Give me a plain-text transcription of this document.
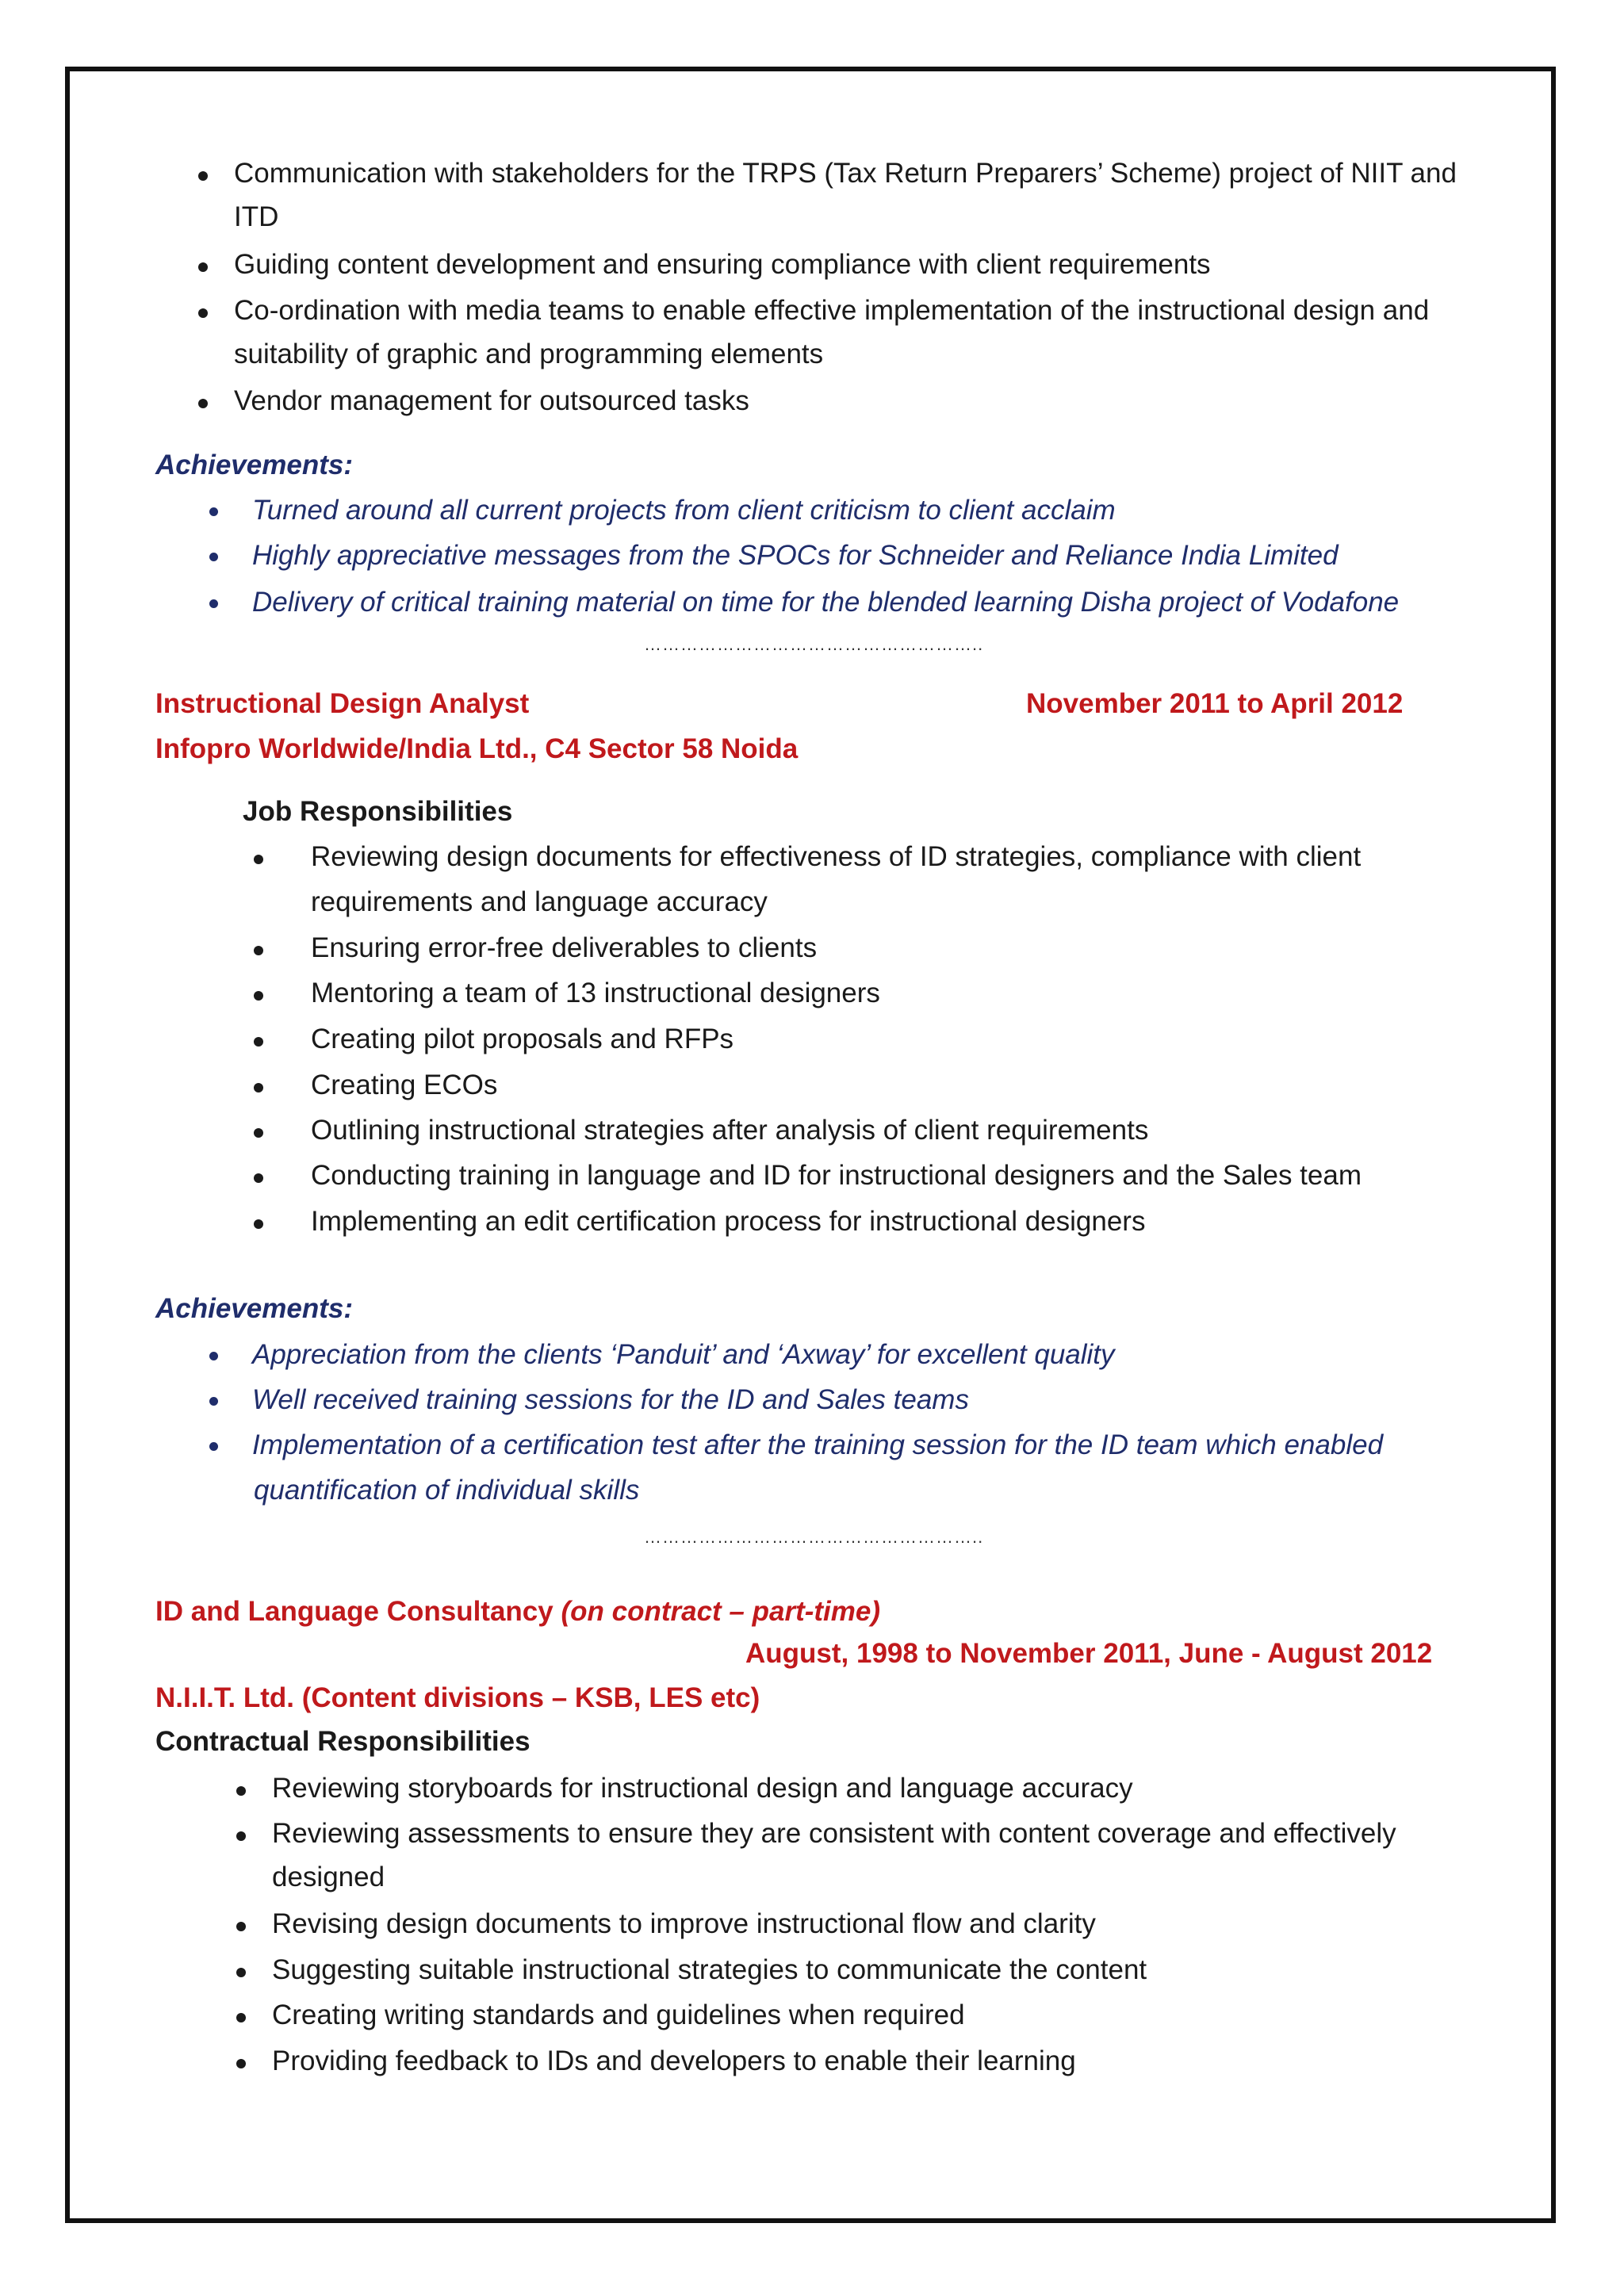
Communication with stakeholders for the TRPS (Tax Return Preparers’ Scheme) project of NIIT and
ITD
Guiding content development and ensuring compliance with client requirements
Co-ordination with media teams to enable effective implementation of the instructional design and
suitability of graphic and programming elements
Vendor management for outsourced tasks
Achievements:
Turned around all current projects from client criticism to client acclaim
Highly appreciative messages from the SPOCs for Schneider and Reliance India Limited
Delivery of critical training material on time for the blended learning Disha project of Vodafone
………………………………………………..
Instructional Design Analyst	November 2011 to April 2012
Infopro Worldwide/India Ltd., C4 Sector 58 Noida
Job Responsibilities
Reviewing design documents for effectiveness of ID strategies, compliance with client
requirements and language accuracy
Ensuring error-free deliverables to clients
Mentoring a team of 13 instructional designers
Creating pilot proposals and RFPs
Creating ECOs
Outlining instructional strategies after analysis of client requirements
Conducting training in language and ID for instructional designers and the Sales team
Implementing an edit certification process for instructional designers
Achievements:
Appreciation from the clients ‘Panduit’ and ‘Axway’ for excellent quality
Well received training sessions for the ID and Sales teams
Implementation of a certification test after the training session for the ID team which enabled
quantification of individual skills
………………………………………………..
ID and Language Consultancy (on contract – part-time)
August, 1998 to November 2011, June - August 2012
N.I.I.T. Ltd. (Content divisions – KSB, LES etc)
Contractual Responsibilities
Reviewing storyboards for instructional design and language accuracy
Reviewing assessments to ensure they are consistent with content coverage and effectively
designed
Revising design documents to improve instructional flow and clarity
Suggesting suitable instructional strategies to communicate the content
Creating writing standards and guidelines when required
Providing feedback to IDs and developers to enable their learning
